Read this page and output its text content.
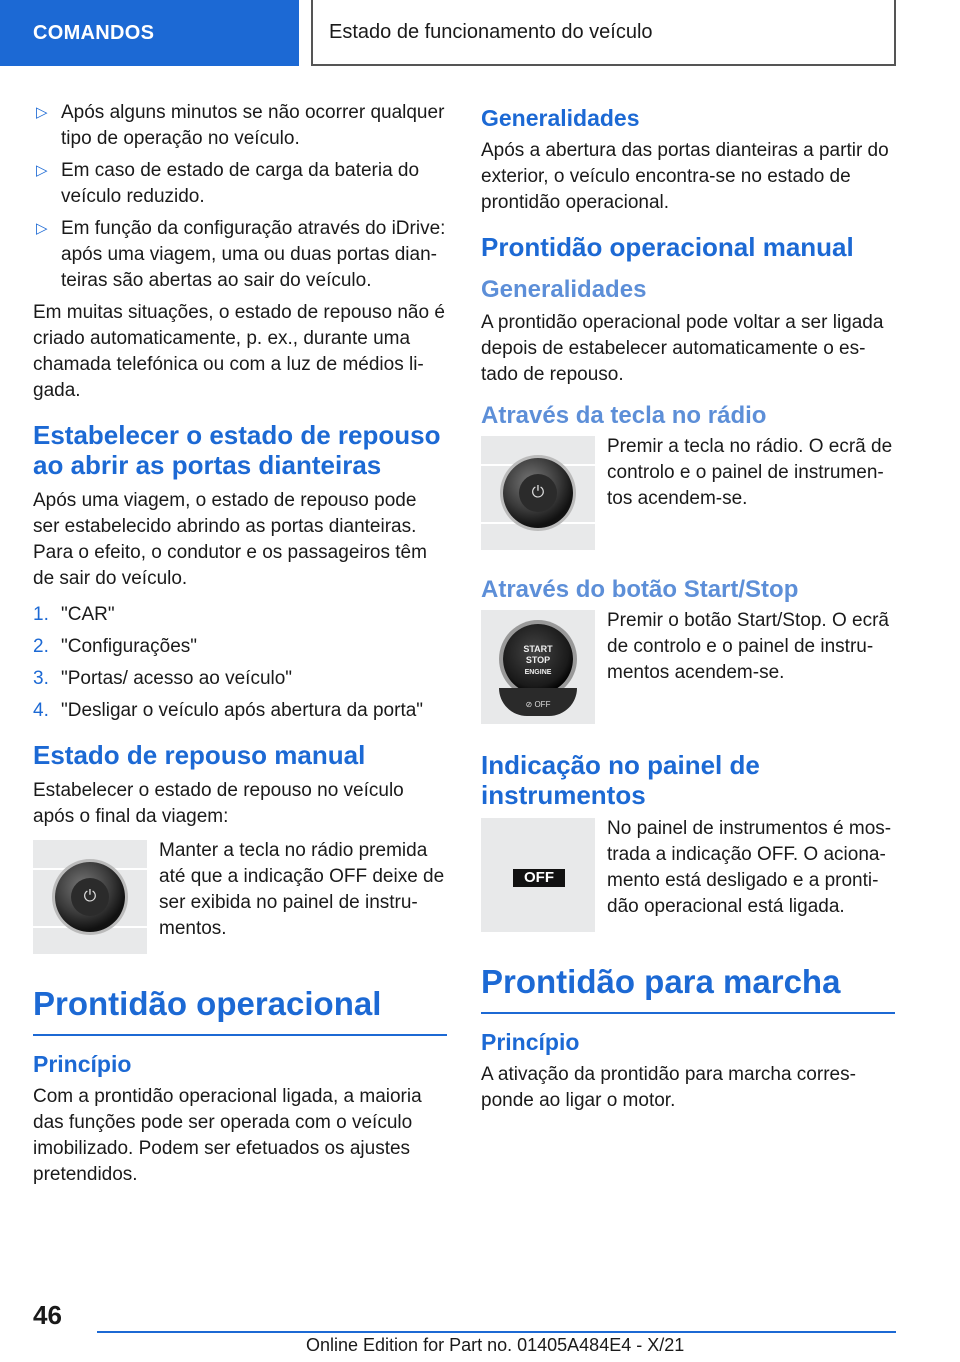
COMANDOS	Estado de funcionamento do veículo
▷ Após alguns minutos se não ocorrer qualquer tipo de operação no veículo.
▷ Em caso de estado de carga da bateria do veículo reduzido.
▷ Em função da configuração através do iDrive: após uma viagem, uma ou duas portas dian-teiras são abertas ao sair do veículo.

Em muitas situações, o estado de repouso não é criado automaticamente, p. ex., durante uma chamada telefónica ou com a luz de médios li-gada.

Estabelecer o estado de repouso ao abrir as portas dianteiras

Após uma viagem, o estado de repouso pode ser estabelecido abrindo as portas dianteiras. Para o efeito, o condutor e os passageiros têm de sair do veículo.

1. "CAR"
2. "Configurações"
3. "Portas/ acesso ao veículo"
4. "Desligar o veículo após abertura da porta"
Estado de repouso manual

Estabelecer o estado de repouso no veículo após o final da viagem:

⏻
Manter a tecla no rádio premida até que a indicação OFF deixe de ser exibida no painel de instru-mentos.
Prontidão operacional
Princípio

Com a prontidão operacional ligada, a maioria das funções pode ser operada com o veículo imobilizado. Podem ser efetuados os ajustes pretendidos.

Generalidades

Após a abertura das portas dianteiras a partir do exterior, o veículo encontra-se no estado de prontidão operacional.

Prontidão operacional manual
Generalidades

A prontidão operacional pode voltar a ser ligada depois de estabelecer automaticamente o es-tado de repouso.

Através da tecla no rádio
⏻
Premir a tecla no rádio. O ecrã de controlo e o painel de instrumen-tos acendem-se.
Através do botão Start/Stop
START
STOP
ENGINE
⊘ OFF
Premir o botão Start/Stop. O ecrã de controlo e o painel de instru-mentos acendem-se.
Indicação no painel de instrumentos
OFF
No painel de instrumentos é mos-trada a indicação OFF. O aciona-mento está desligado e a pronti-dão operacional está ligada.
Prontidão para marcha
Princípio

A ativação da prontidão para marcha corres-ponde ao ligar o motor.

46
Online Edition for Part no. 01405A484E4 - X/21
